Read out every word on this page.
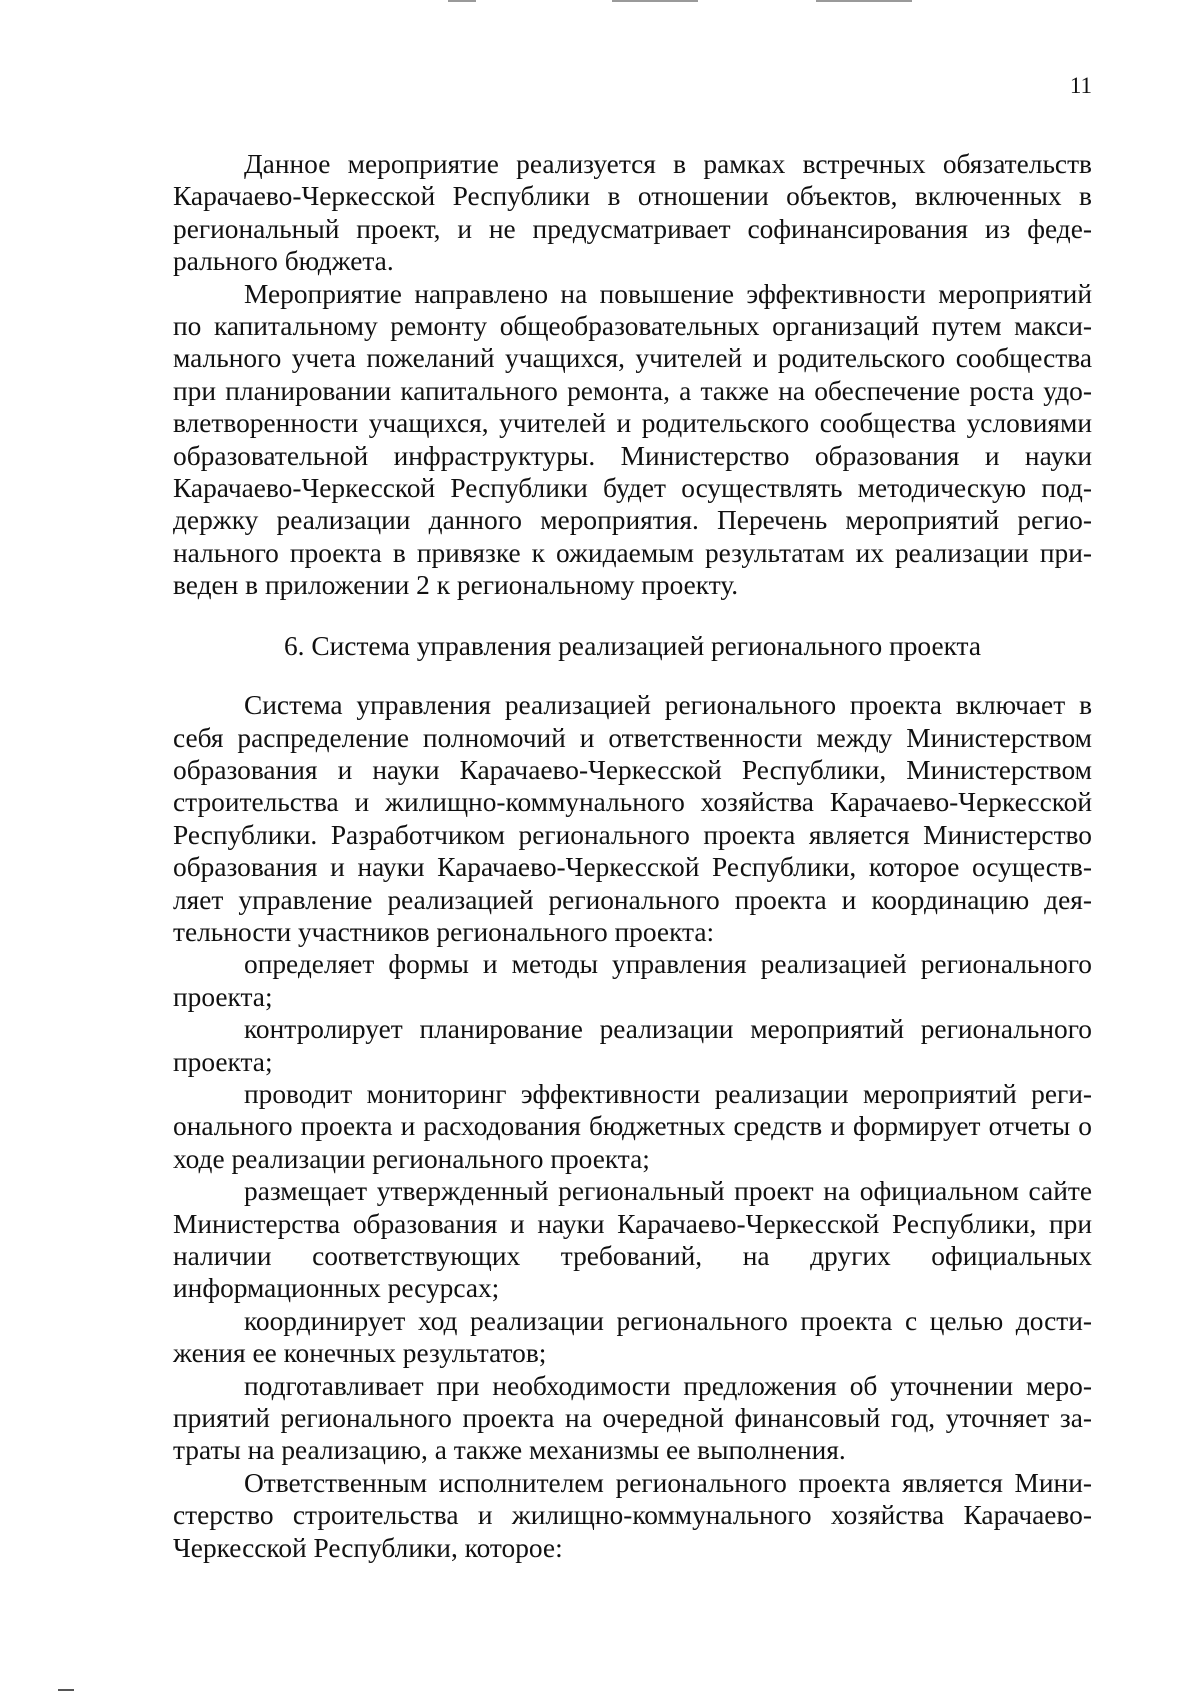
11

Данное мероприятие реализуется в рамках встречных обязательств Карачаево-Черкесской Республики в отношении объектов, включенных в региональный проект, и не предусматривает софинансирования из федерального бюджета.

Мероприятие направлено на повышение эффективности мероприятий по капитальному ремонту общеобразовательных организаций путем максимального учета пожеланий учащихся, учителей и родительского сообщества при планировании капитального ремонта, а также на обеспечение роста удовлетворенности учащихся, учителей и родительского сообщества условиями образовательной инфраструктуры. Министерство образования и науки Карачаево-Черкесской Республики будет осуществлять методическую поддержку реализации данного мероприятия. Перечень мероприятий регионального проекта в привязке к ожидаемым результатам их реализации приведен в приложении 2 к региональному проекту.

6. Система управления реализацией регионального проекта

Система управления реализацией регионального проекта включает в себя распределение полномочий и ответственности между Министерством образования и науки Карачаево-Черкесской Республики, Министерством строительства и жилищно-коммунального хозяйства Карачаево-Черкесской Республики. Разработчиком регионального проекта является Министерство образования и науки Карачаево-Черкесской Республики, которое осуществляет управление реализацией регионального проекта и координацию деятельности участников регионального проекта:

определяет формы и методы управления реализацией регионального проекта;

контролирует планирование реализации мероприятий регионального проекта;

проводит мониторинг эффективности реализации мероприятий регионального проекта и расходования бюджетных средств и формирует отчеты о ходе реализации регионального проекта;

размещает утвержденный региональный проект на официальном сайте Министерства образования и науки Карачаево-Черкесской Республики, при наличии соответствующих требований, на других официальных информационных ресурсах;

координирует ход реализации регионального проекта с целью достижения ее конечных результатов;

подготавливает при необходимости предложения об уточнении мероприятий регионального проекта на очередной финансовый год, уточняет затраты на реализацию, а также механизмы ее выполнения.

Ответственным исполнителем регионального проекта является Министерство строительства и жилищно-коммунального хозяйства Карачаево-Черкесской Республики, которое:
